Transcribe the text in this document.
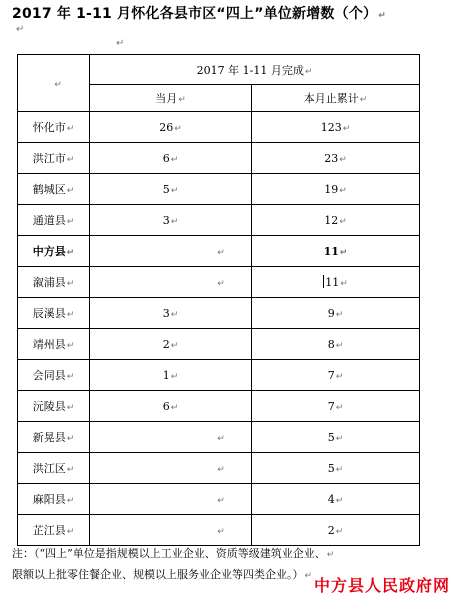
2017 年 1-11 月怀化各县市区“四上”单位新增数（个）↵
↵
↵
↵	2017 年 1-11 月完成↵	
	当月↵	本月止累计↵
怀化市↵	26↵	123↵
洪江市↵	6↵	23↵
鹤城区↵	5↵	19↵
通道县↵	3↵	12↵
中方县↵	↵	11↵
溆浦县↵	↵	11↵
辰溪县↵	3↵	9↵
靖州县↵	2↵	8↵
会同县↵	1↵	7↵
沅陵县↵	6↵	7↵
新晃县↵	↵	5↵
洪江区↵	↵	5↵
麻阳县↵	↵	4↵
芷江县↵	↵	2↵
注：（“四上”单位是指规模以上工业企业、资质等级建筑业企业、↵
限额以上批零住餐企业、规模以上服务业企业等四类企业。）↵ 中方县人民政府网
